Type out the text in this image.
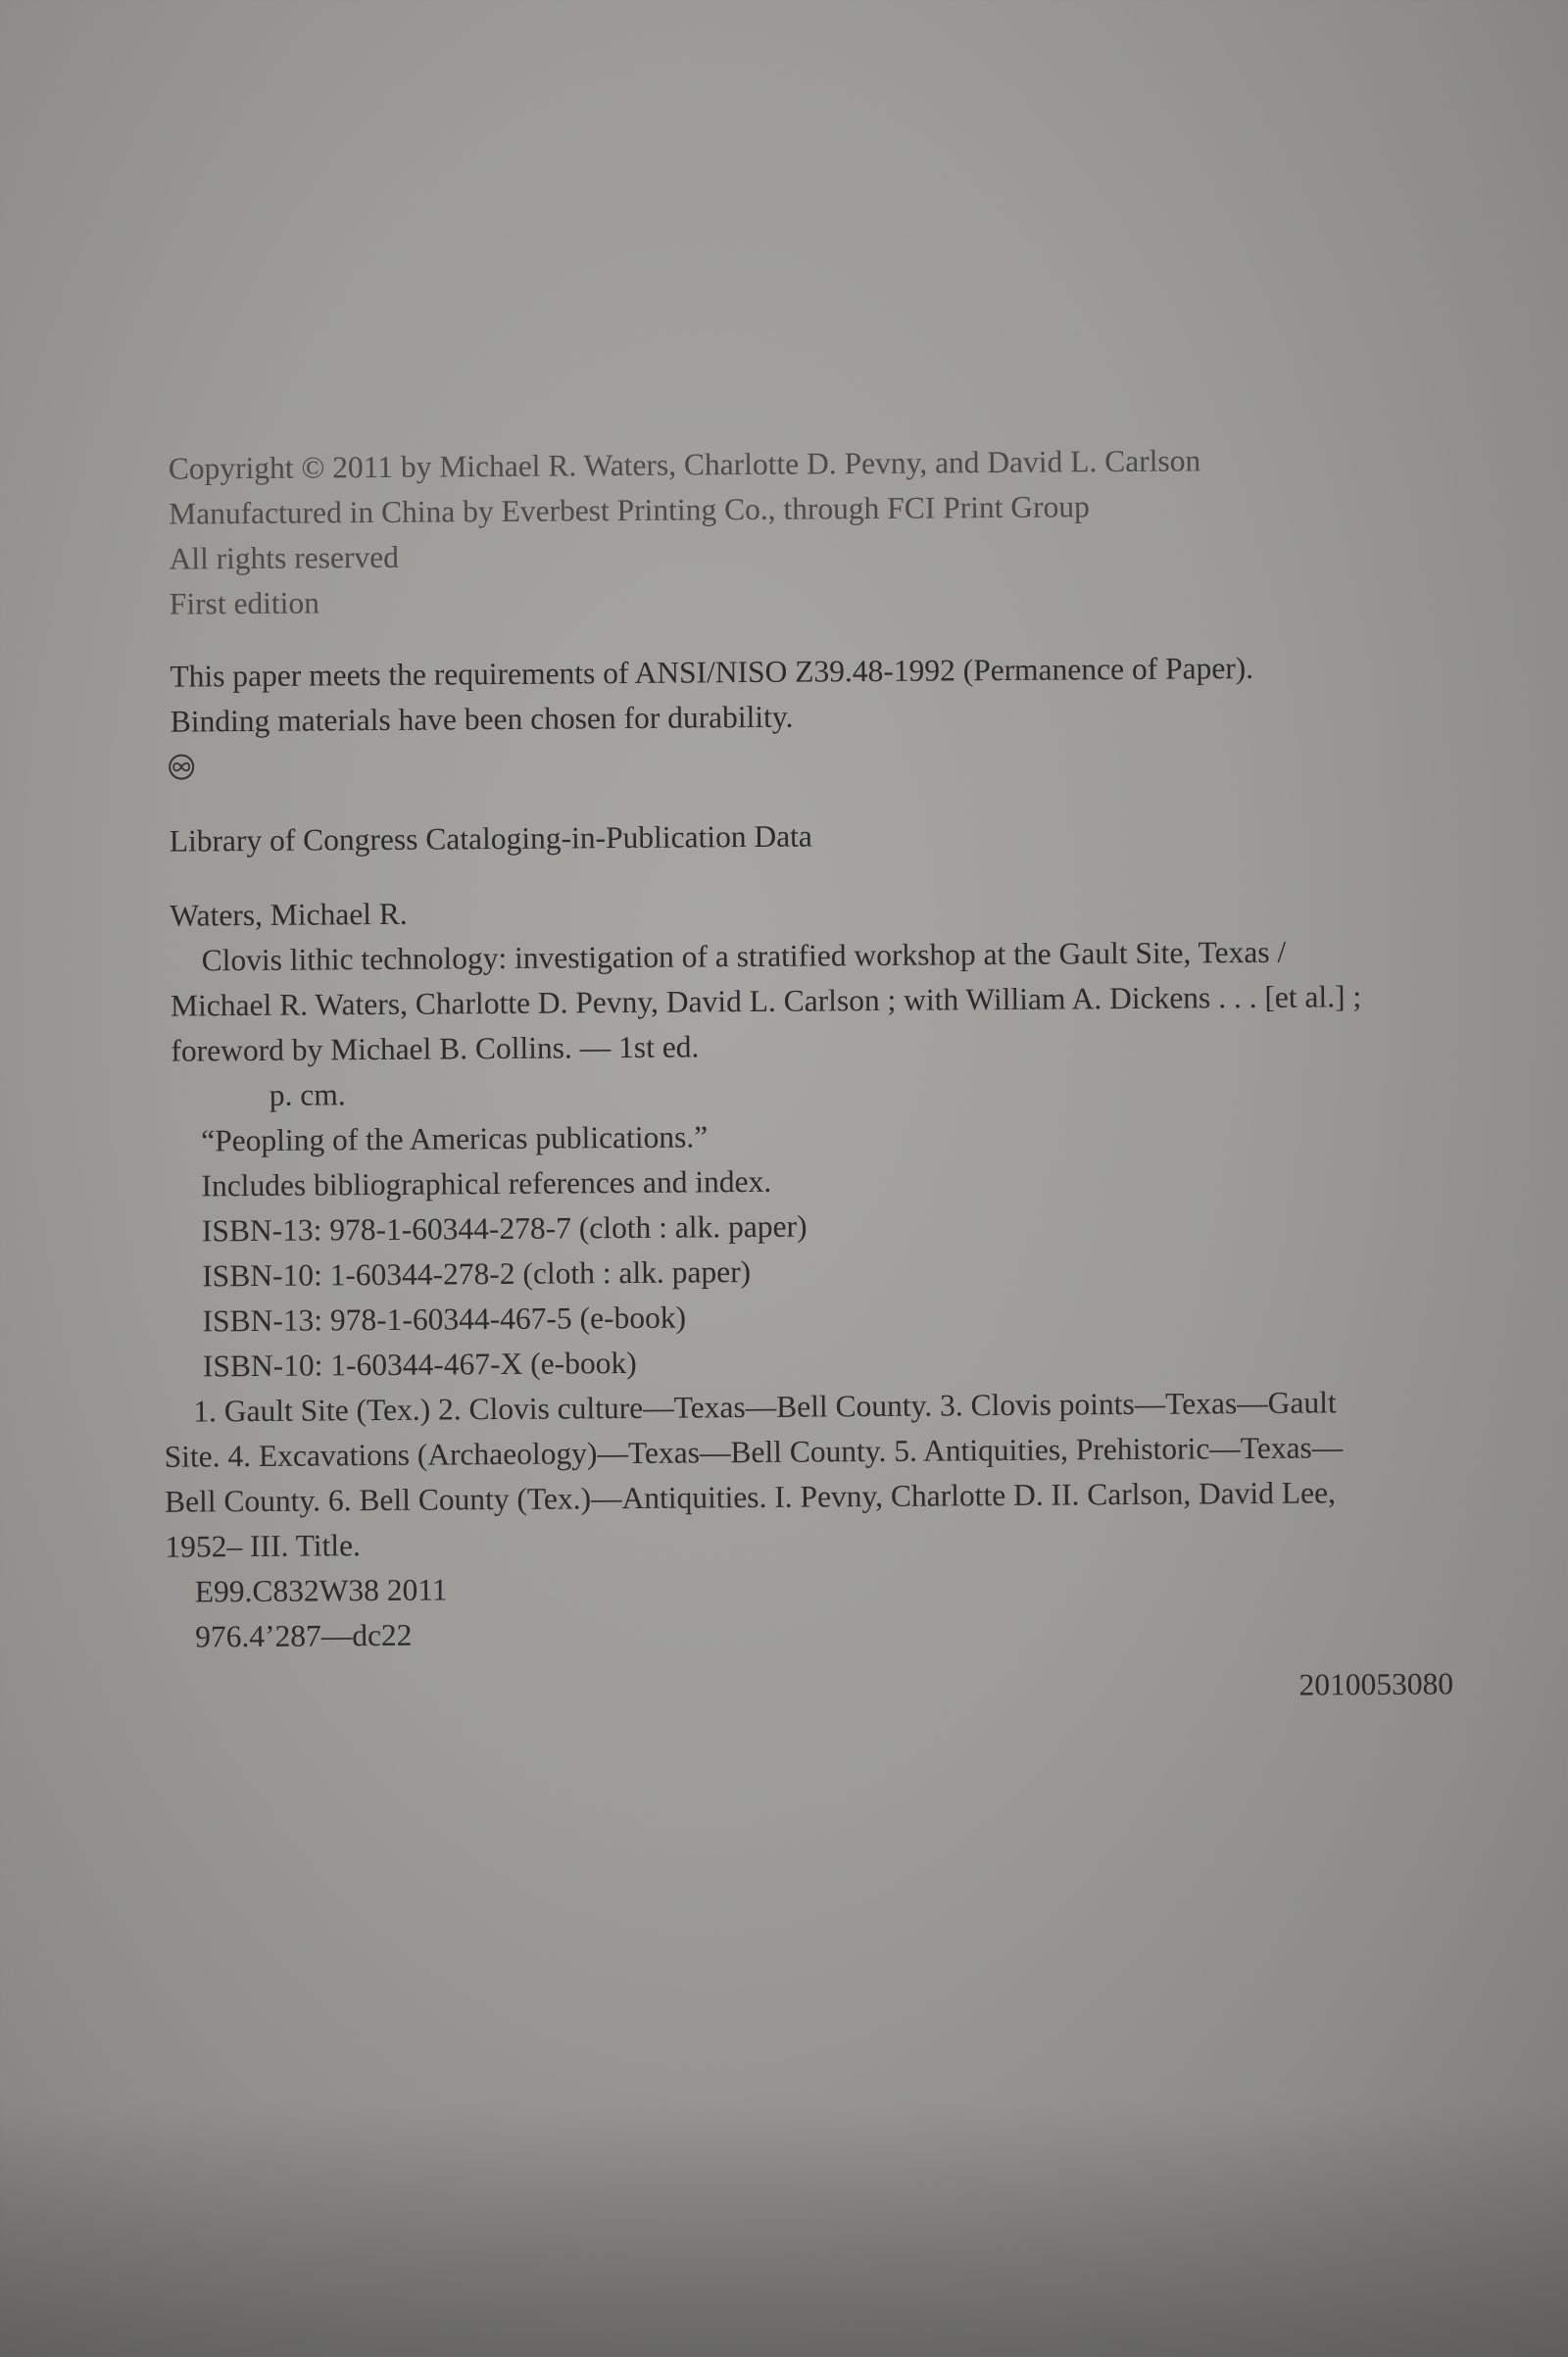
Copyright © 2011 by Michael R. Waters, Charlotte D. Pevny, and David L. Carlson
Manufactured in China by Everbest Printing Co., through FCI Print Group
All rights reserved
First edition
This paper meets the requirements of ANSI/NISO Z39.48-1992 (Permanence of Paper).
Binding materials have been chosen for durability.
Library of Congress Cataloging-in-Publication Data
Waters, Michael R.
Clovis lithic technology: investigation of a stratified workshop at the Gault Site, Texas /
Michael R. Waters, Charlotte D. Pevny, David L. Carlson ; with William A. Dickens . . . [et al.] ;
foreword by Michael B. Collins. — 1st ed.
p. cm.
“Peopling of the Americas publications.”
Includes bibliographical references and index.
ISBN-13: 978-1-60344-278-7 (cloth : alk. paper)
ISBN-10: 1-60344-278-2 (cloth : alk. paper)
ISBN-13: 978-1-60344-467-5 (e-book)
ISBN-10: 1-60344-467-X (e-book)
1. Gault Site (Tex.) 2. Clovis culture—Texas—Bell County. 3. Clovis points—Texas—Gault
Site. 4. Excavations (Archaeology)—Texas—Bell County. 5. Antiquities, Prehistoric—Texas—
Bell County. 6. Bell County (Tex.)—Antiquities. I. Pevny, Charlotte D. II. Carlson, David Lee,
1952– III. Title.
E99.C832W38 2011
976.4’287—dc22
2010053080
